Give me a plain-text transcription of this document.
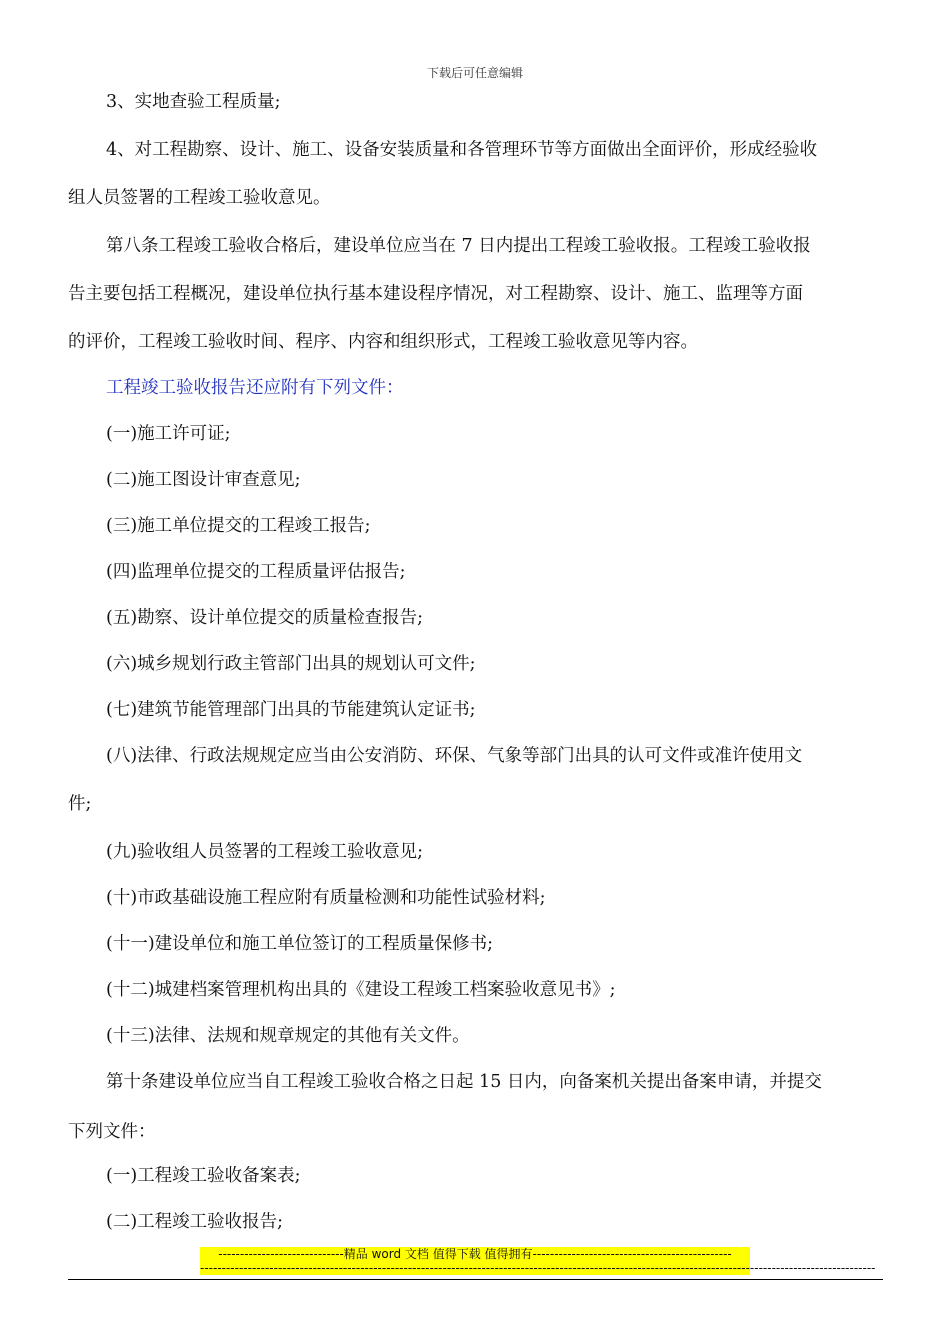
下载后可任意编辑
3、实地查验工程质量;
4、对工程勘察、设计、施工、设备安装质量和各管理环节等方面做出全面评价，形成经验收
组人员签署的工程竣工验收意见。
第八条工程竣工验收合格后，建设单位应当在 7 日内提出工程竣工验收报。工程竣工验收报
告主要包括工程概况，建设单位执行基本建设程序情况，对工程勘察、设计、施工、监理等方面
的评价，工程竣工验收时间、程序、内容和组织形式，工程竣工验收意见等内容。
工程竣工验收报告还应附有下列文件：
(一)施工许可证;
(二)施工图设计审查意见;
(三)施工单位提交的工程竣工报告;
(四)监理单位提交的工程质量评估报告;
(五)勘察、设计单位提交的质量检查报告;
(六)城乡规划行政主管部门出具的规划认可文件;
(七)建筑节能管理部门出具的节能建筑认定证书;
(八)法律、行政法规规定应当由公安消防、环保、气象等部门出具的认可文件或准许使用文
件;
(九)验收组人员签署的工程竣工验收意见;
(十)市政基础设施工程应附有质量检测和功能性试验材料;
(十一)建设单位和施工单位签订的工程质量保修书;
(十二)城建档案管理机构出具的《建设工程竣工档案验收意见书》;
(十三)法律、法规和规章规定的其他有关文件。
第十条建设单位应当自工程竣工验收合格之日起 15 日内，向备案机关提出备案申请，并提交
下列文件：
(一)工程竣工验收备案表;
(二)工程竣工验收报告;
-----------------------------精品 word 文档 值得下载 值得拥有----------------------------------------------
------------------------------------------------------------------------------------------------------------------------------------------------------------
